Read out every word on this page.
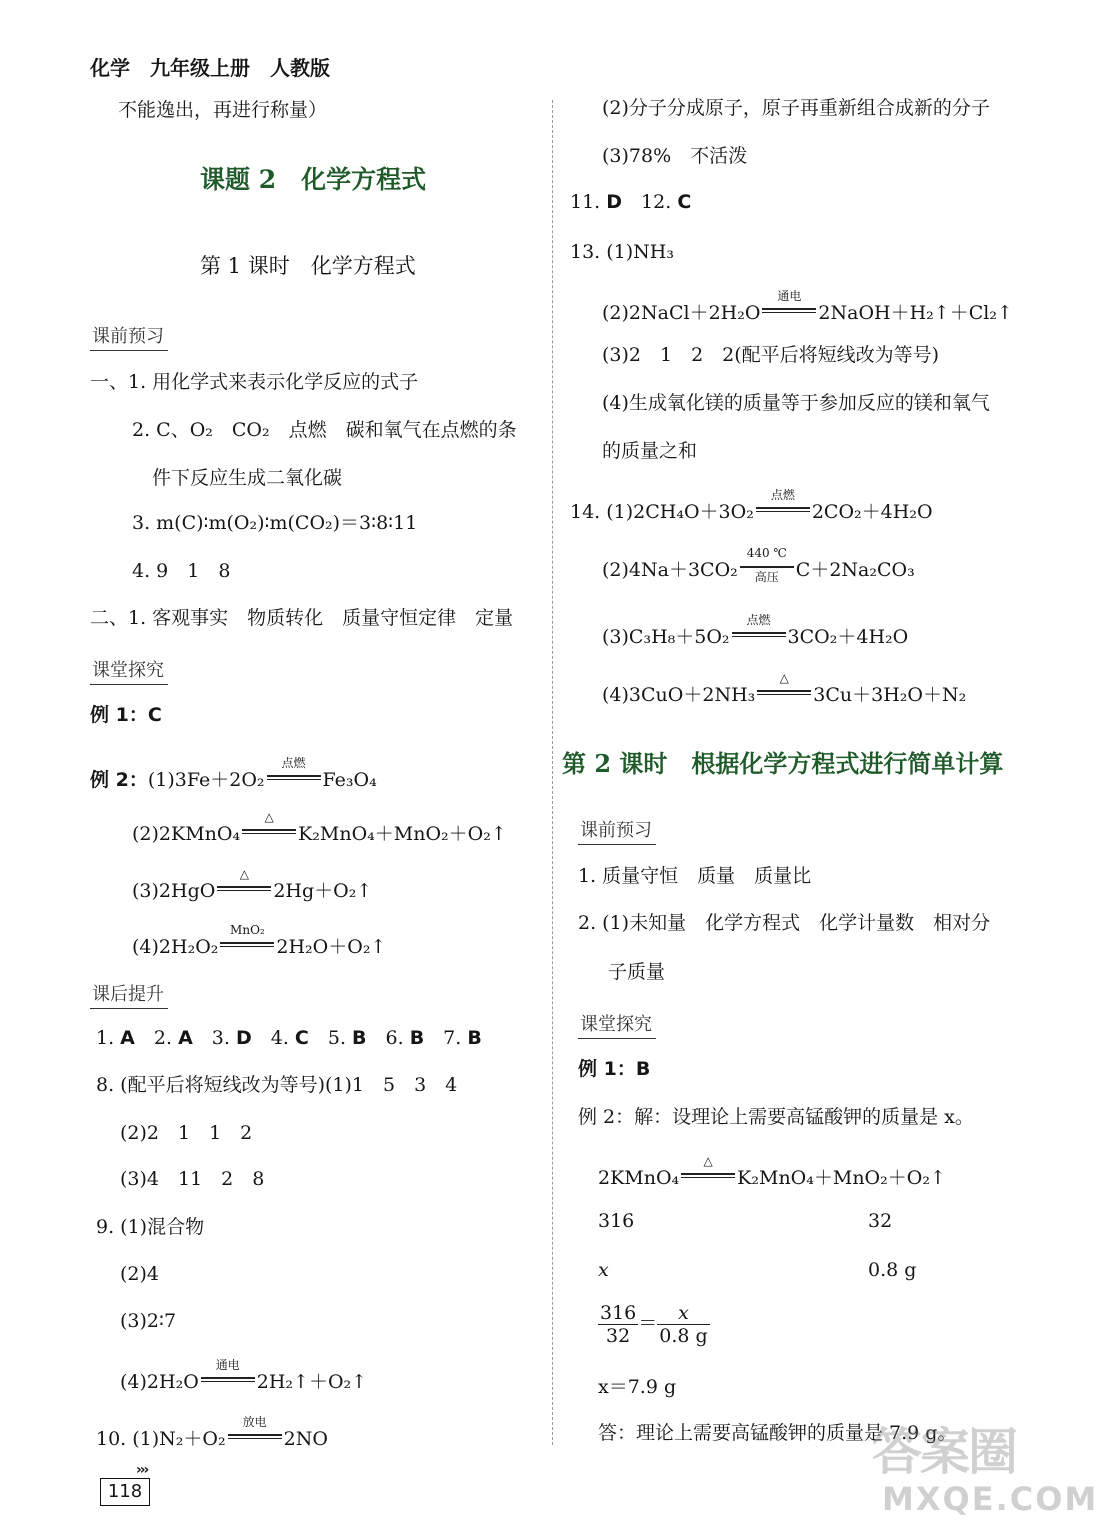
化学　九年级上册　人教版
不能逸出，再进行称量）
课题 2　化学方程式
第 1 课时　化学方程式
课前预习
一、1. 用化学式来表示化学反应的式子
2. C、O₂　CO₂　点燃　碳和氧气在点燃的条
件下反应生成二氧化碳
3. m(C)∶m(O₂)∶m(CO₂)＝3∶8∶11
4. 9　1　8
二、1. 客观事实　物质转化　质量守恒定律　定量
课堂探究
例 1：C
例 2：(1)3Fe＋2O₂
点燃
Fe₃O₄
(2)2KMnO₄
△
K₂MnO₄＋MnO₂＋O₂↑
(3)2HgO
△
2Hg＋O₂↑
(4)2H₂O₂
MnO₂
2H₂O＋O₂↑
课后提升
1. A　2. A　3. D　4. C　5. B　6. B　7. B
8. (配平后将短线改为等号)(1)1　5　3　4
(2)2　1　1　2
(3)4　11　2　8
9. (1)混合物
(2)4
(3)2∶7
(4)2H₂O
通电
2H₂↑＋O₂↑
10. (1)N₂＋O₂
放电
2NO
(2)分子分成原子，原子再重新组合成新的分子
(3)78%　不活泼
11. D　12. C
13. (1)NH₃
(2)2NaCl＋2H₂O
通电
2NaOH＋H₂↑＋Cl₂↑
(3)2　1　2　2(配平后将短线改为等号)
(4)生成氧化镁的质量等于参加反应的镁和氧气
的质量之和
14. (1)2CH₄O＋3O₂
点燃
2CO₂＋4H₂O
(2)4Na＋3CO₂
440 ℃
高压 C＋2Na₂CO₃
(3)C₃H₈＋5O₂
点燃
3CO₂＋4H₂O
(4)3CuO＋2NH₃
△
3Cu＋3H₂O＋N₂
第 2 课时　根据化学方程式进行简单计算
课前预习
1. 质量守恒　质量　质量比
2. (1)未知量　化学方程式　化学计量数　相对分
子质量
课堂探究
例 1：B
例 2：解：设理论上需要高锰酸钾的质量是 x。
2KMnO₄
△
K₂MnO₄＋MnO₂＋O₂↑
316	32
x	0.8 g
$\frac{316}{32} = \frac{x}{0.8 g}$
x＝7.9 g
答：理论上需要高锰酸钾的质量是 7.9 g。
›››
118
答案圈
MXQE.COM
